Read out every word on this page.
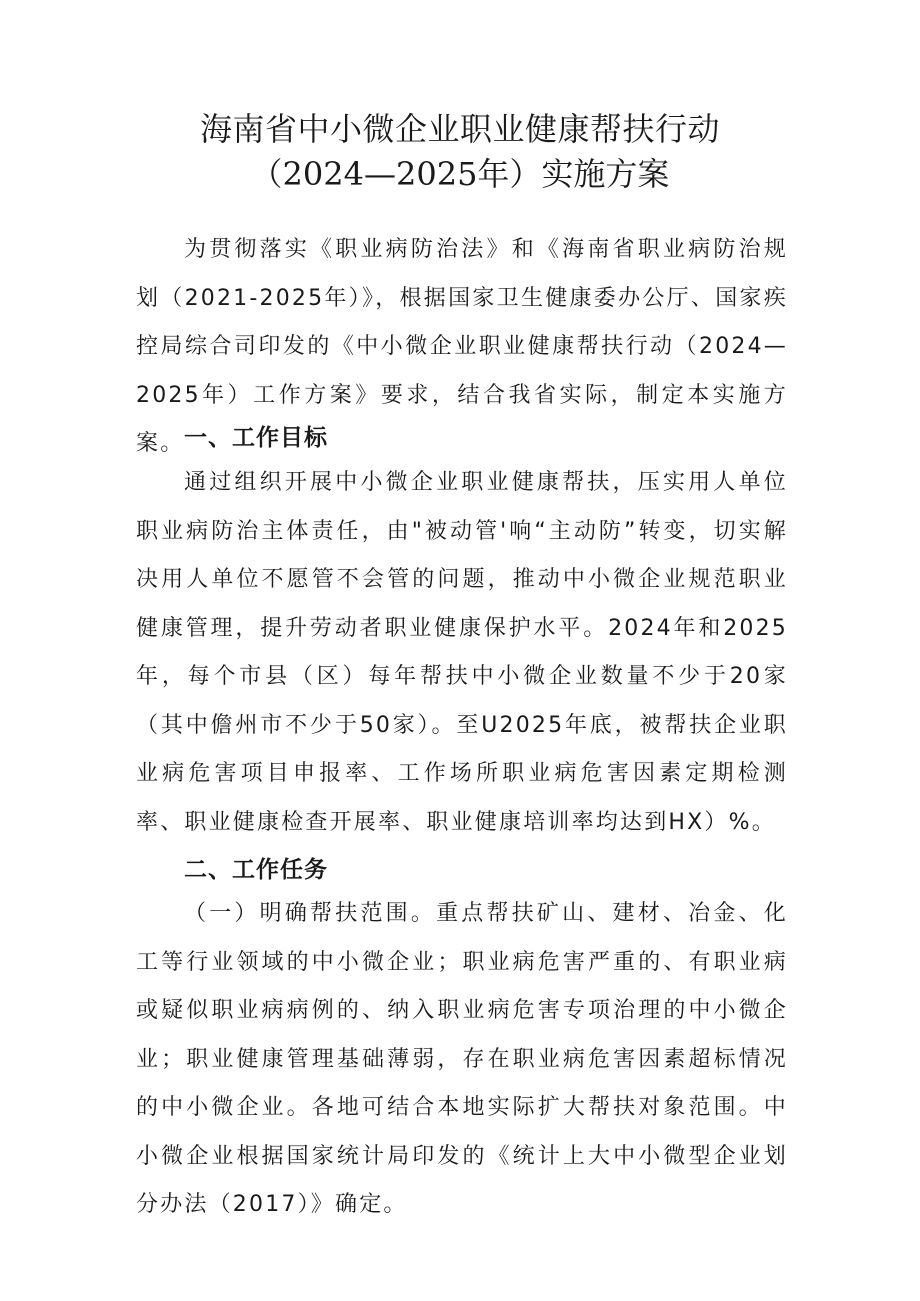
海南省中小微企业职业健康帮扶行动
（2024—2025年）实施方案

为贯彻落实《职业病防治法》和《海南省职业病防治规划（2021-2025年）》，根据国家卫生健康委办公厅、国家疾控局综合司印发的《中小微企业职业健康帮扶行动（2024—2025年）工作方案》要求，结合我省实际，制定本实施方案。 一、工作目标

通过组织开展中小微企业职业健康帮扶，压实用人单位职业病防治主体责任，由"被动管'响“主动防”转变，切实解决用人单位不愿管不会管的问题，推动中小微企业规范职业健康管理，提升劳动者职业健康保护水平。2024年和2025年，每个市县（区）每年帮扶中小微企业数量不少于20家（其中儋州市不少于50家）。至U2025年底，被帮扶企业职业病危害项目申报率、工作场所职业病危害因素定期检测率、职业健康检查开展率、职业健康培训率均达到HX）%。

二、工作任务

（一）明确帮扶范围。重点帮扶矿山、建材、冶金、化工等行业领域的中小微企业；职业病危害严重的、有职业病或疑似职业病病例的、纳入职业病危害专项治理的中小微企业；职业健康管理基础薄弱，存在职业病危害因素超标情况的中小微企业。各地可结合本地实际扩大帮扶对象范围。中小微企业根据国家统计局印发的《统计上大中小微型企业划分办法（2017）》确定。
